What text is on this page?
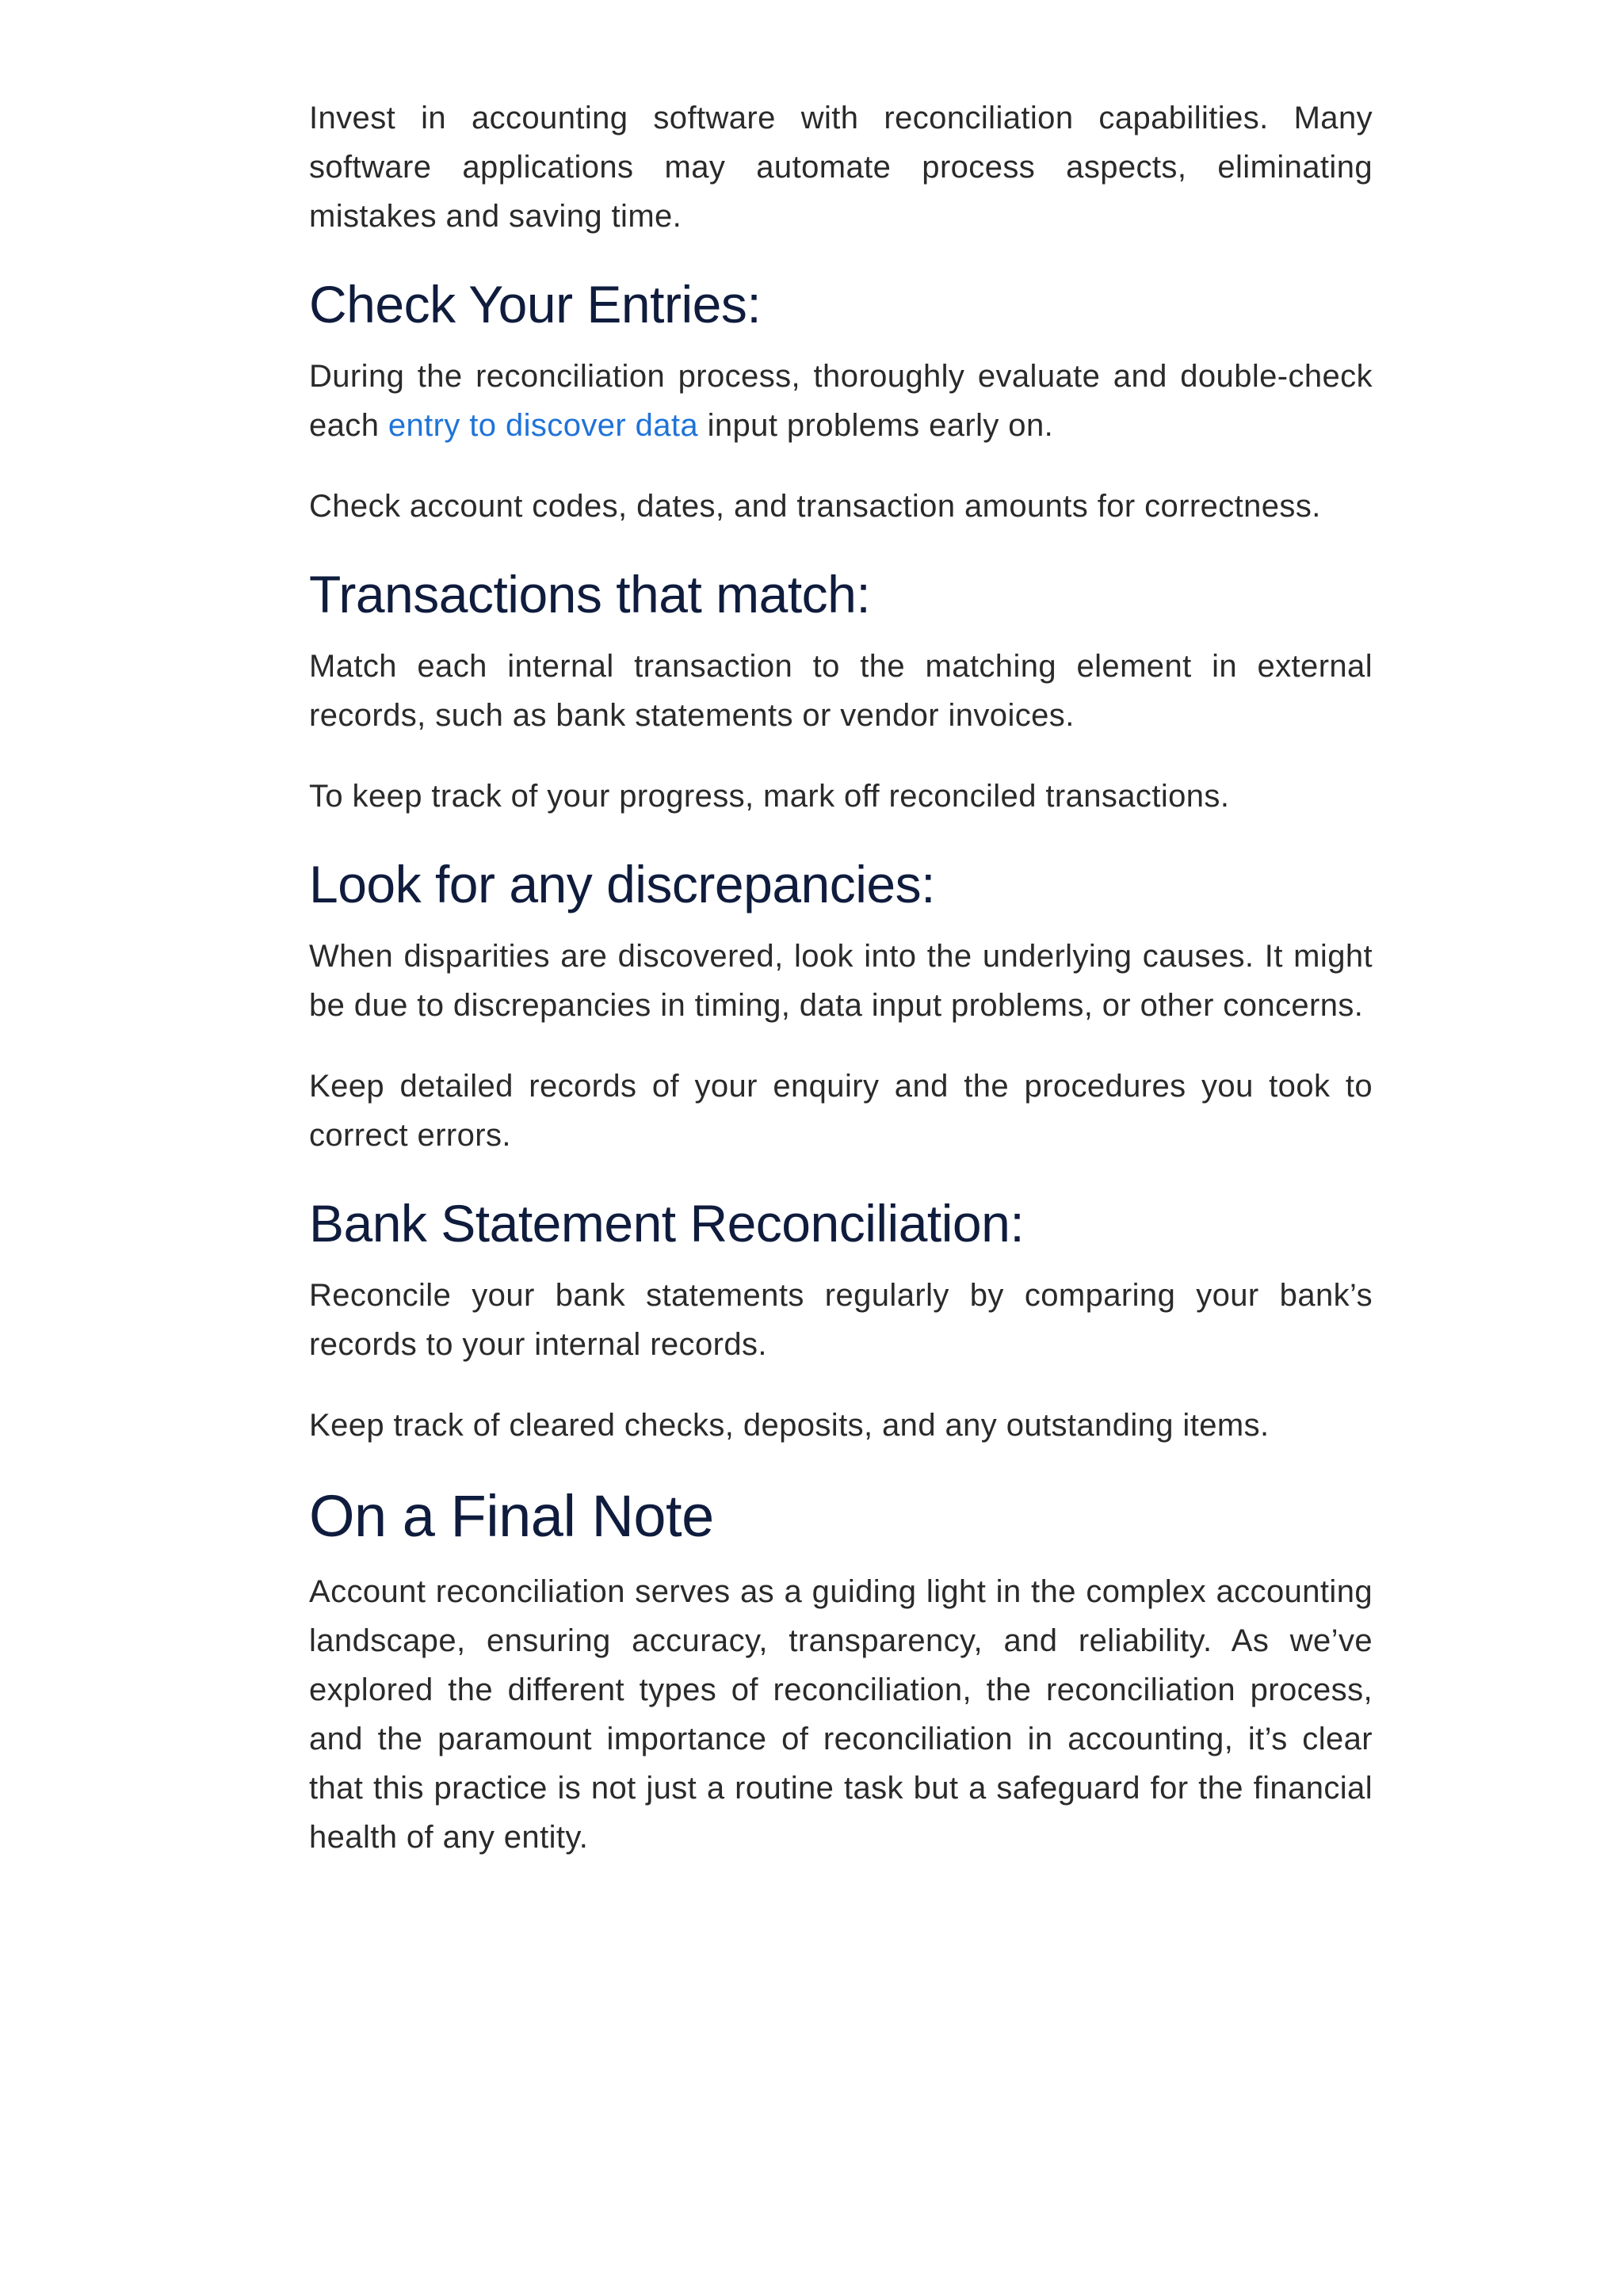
Invest in accounting software with reconciliation capabilities. Many software applications may automate process aspects, eliminating mistakes and saving time.

Check Your Entries:

During the reconciliation process, thoroughly evaluate and double-check each entry to discover data input problems early on.

Check account codes, dates, and transaction amounts for correctness.

Transactions that match:

Match each internal transaction to the matching element in external records, such as bank statements or vendor invoices.

To keep track of your progress, mark off reconciled transactions.

Look for any discrepancies:

When disparities are discovered, look into the underlying causes. It might be due to discrepancies in timing, data input problems, or other concerns.

Keep detailed records of your enquiry and the procedures you took to correct errors.

Bank Statement Reconciliation:

Reconcile your bank statements regularly by comparing your bank’s records to your internal records.

Keep track of cleared checks, deposits, and any outstanding items.

On a Final Note

Account reconciliation serves as a guiding light in the complex accounting landscape, ensuring accuracy, transparency, and reliability. As we’ve explored the different types of reconciliation, the reconciliation process, and the paramount importance of reconciliation in accounting, it’s clear that this practice is not just a routine task but a safeguard for the financial health of any entity.
